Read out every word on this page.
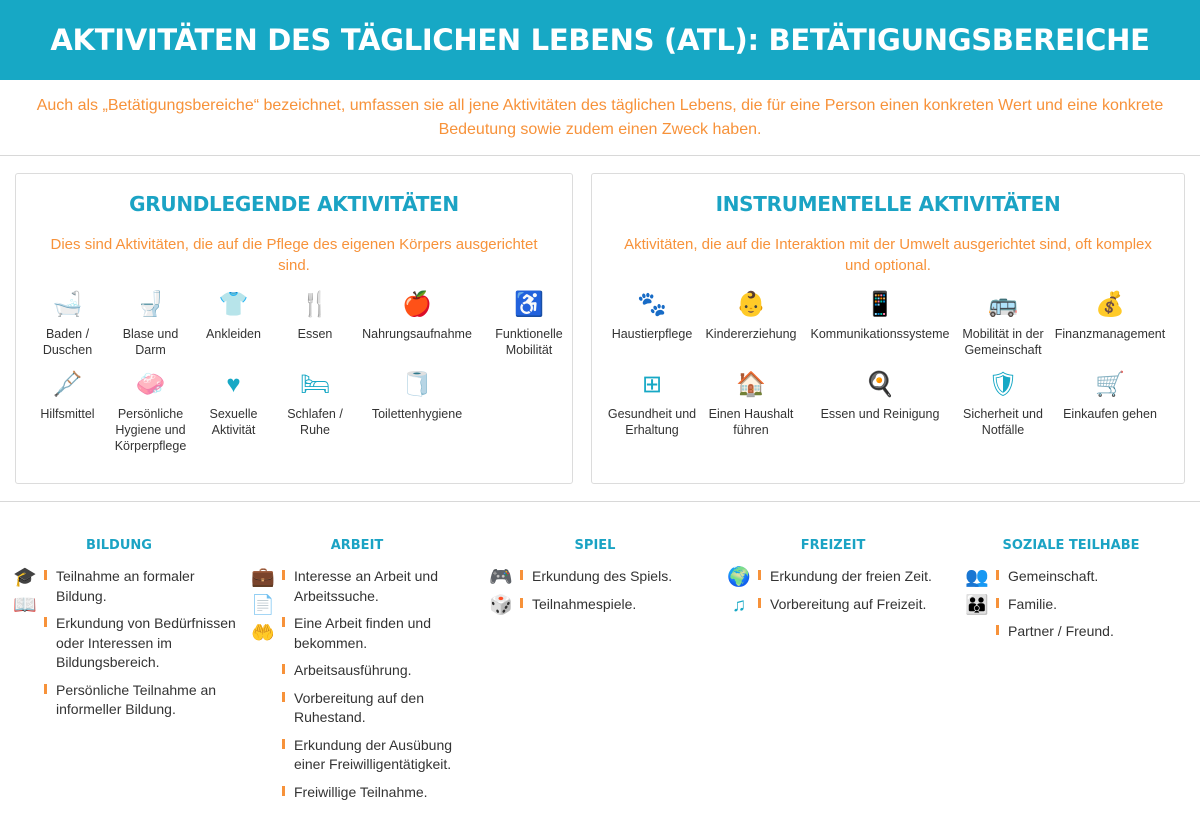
AKTIVITÄTEN DES TÄGLICHEN LEBENS (ATL): BETÄTIGUNGSBEREICHE
Auch als „Betätigungsbereiche“ bezeichnet, umfassen sie all jene Aktivitäten des täglichen Lebens, die für eine Person einen konkreten Wert und eine konkrete Bedeutung sowie zudem einen Zweck haben.
GRUNDLEGENDE AKTIVITÄTEN
Dies sind Aktivitäten, die auf die Pflege des eigenen Körpers ausgerichtet sind.
🛁
Baden / Duschen
🚽
Blase und Darm
👕
Ankleiden
🍴
Essen
🍎
Nahrungsaufnahme
♿
Funktionelle Mobilität
🩼
Hilfsmittel
🧼
Persönliche Hygiene und Körperpflege
♥
Sexuelle Aktivität
🛏
Schlafen / Ruhe
🧻
Toilettenhygiene
INSTRUMENTELLE AKTIVITÄTEN
Aktivitäten, die auf die Interaktion mit der Umwelt ausgerichtet sind, oft komplex und optional.
🐾
Haustierpflege
👶
Kindererziehung
📱
Kommunikationssysteme
🚌
Mobilität in der Gemeinschaft
💰
Finanzmanagement
⊞
Gesundheit und Erhaltung
🏠
Einen Haushalt führen
🍳
Essen und Reinigung
🛡
Sicherheit und Notfälle
🛒
Einkaufen gehen
BILDUNG
🎓
📖
Teilnahme an formaler Bildung.
Erkundung von Bedürfnissen oder Interessen im Bildungsbereich.
Persönliche Teilnahme an informeller Bildung.
ARBEIT
💼
📄
🤲
Interesse an Arbeit und Arbeitssuche.
Eine Arbeit finden und bekommen.
Arbeitsausführung.
Vorbereitung auf den Ruhestand.
Erkundung der Ausübung einer Freiwilligentätigkeit.
Freiwillige Teilnahme.
SPIEL
🎮
🎲
Erkundung des Spiels.
Teilnahmespiele.
FREIZEIT
🌍
♫
Erkundung der freien Zeit.
Vorbereitung auf Freizeit.
SOZIALE TEILHABE
👥
👪
Gemeinschaft.
Familie.
Partner / Freund.
